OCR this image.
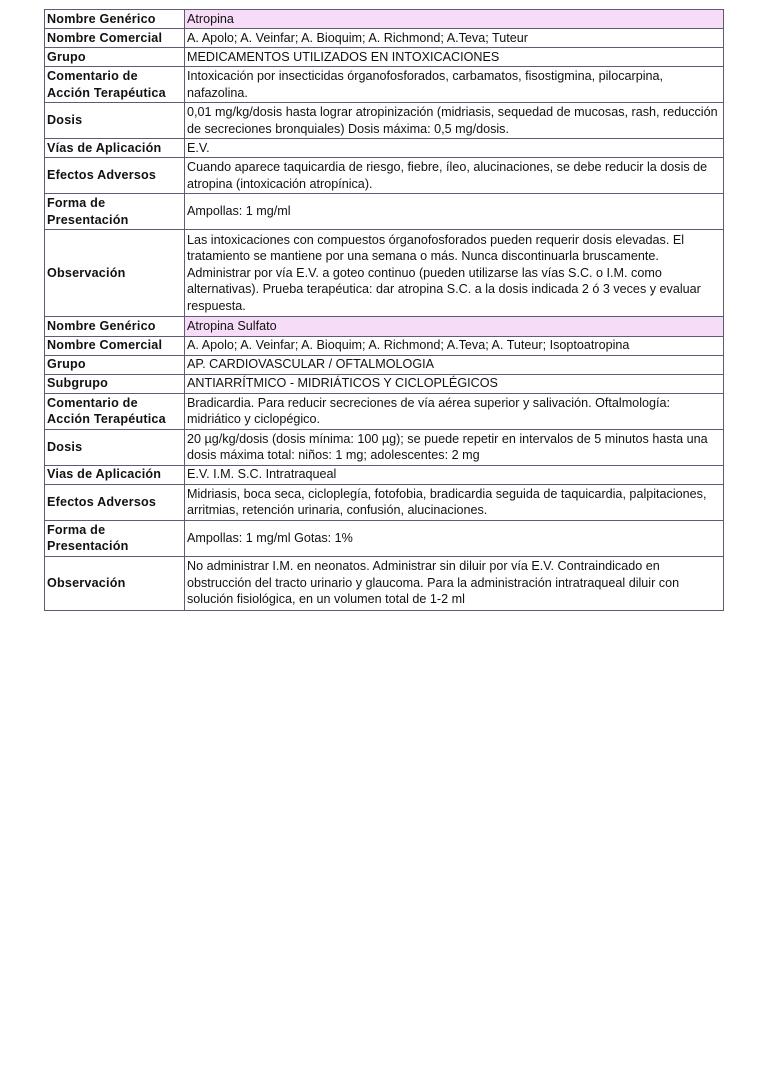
Nombre Genérico	Atropina
Nombre Comercial	A. Apolo; A. Veinfar; A. Bioquim; A. Richmond; A.Teva; Tuteur
Grupo	MEDICAMENTOS UTILIZADOS EN INTOXICACIONES
Comentario de Acción Terapéutica	Intoxicación por insecticidas órganofosforados, carbamatos, fisostigmina, pilocarpina, nafazolina.
Dosis	0,01 mg/kg/dosis hasta lograr atropinización (midriasis, sequedad de mucosas, rash, reducción de secreciones bronquiales) Dosis máxima: 0,5 mg/dosis.
Vías de Aplicación	E.V.
Efectos Adversos	Cuando aparece taquicardia de riesgo, fiebre, íleo, alucinaciones, se debe reducir la dosis de atropina (intoxicación atropínica).
Forma de Presentación	Ampollas: 1 mg/ml
Observación	Las intoxicaciones con compuestos órganofosforados pueden requerir dosis elevadas. El tratamiento se mantiene por una semana o más. Nunca discontinuarla bruscamente. Administrar por vía E.V. a goteo continuo (pueden utilizarse las vías S.C. o I.M. como alternativas). Prueba terapéutica: dar atropina S.C. a la dosis indicada 2 ó 3 veces y evaluar respuesta.
Nombre Genérico	Atropina Sulfato
Nombre Comercial	A. Apolo; A. Veinfar; A. Bioquim; A. Richmond; A.Teva; A. Tuteur; Isoptoatropina
Grupo	AP. CARDIOVASCULAR / OFTALMOLOGIA
Subgrupo	ANTIARRÍTMICO - MIDRIÁTICOS Y CICLOPLÉGICOS
Comentario de Acción Terapéutica	Bradicardia. Para reducir secreciones de vía aérea superior y salivación. Oftalmología: midriático y ciclopégico.
Dosis	20 µg/kg/dosis (dosis mínima: 100 µg); se puede repetir en intervalos de 5 minutos hasta una dosis máxima total: niños: 1 mg; adolescentes: 2 mg
Vias de Aplicación	E.V. I.M. S.C. Intratraqueal
Efectos Adversos	Midriasis, boca seca, cicloplegía, fotofobia, bradicardia seguida de taquicardia, palpitaciones, arritmias, retención urinaria, confusión, alucinaciones.
Forma de Presentación	Ampollas: 1 mg/ml Gotas: 1%
Observación	No administrar I.M. en neonatos. Administrar sin diluir por vía E.V. Contraindicado en obstrucción del tracto urinario y glaucoma. Para la administración intratraqueal diluir con solución fisiológica, en un volumen total de 1-2 ml
